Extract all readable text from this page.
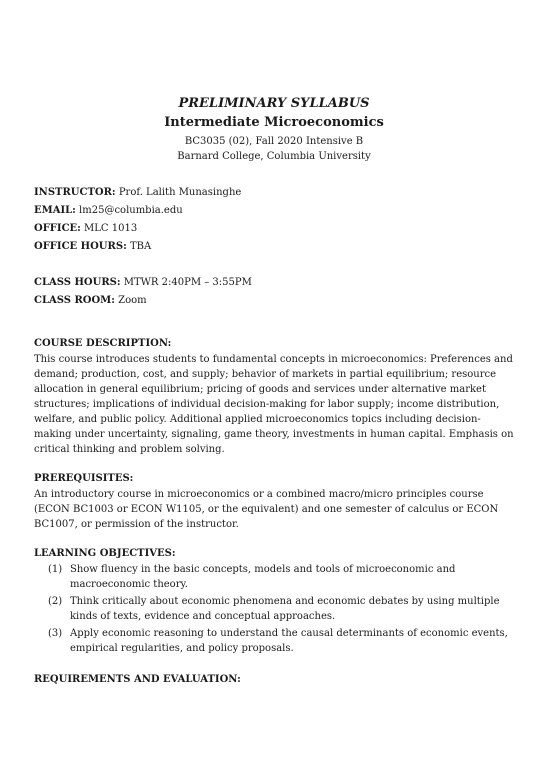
PRELIMINARY SYLLABUS

Intermediate Microeconomics

BC3035 (02), Fall 2020 Intensive B

Barnard College, Columbia University

INSTRUCTOR: Prof. Lalith Munasinghe

EMAIL: lm25@columbia.edu

OFFICE: MLC 1013

OFFICE HOURS: TBA

CLASS HOURS: MTWR 2:40PM – 3:55PM

CLASS ROOM: Zoom

COURSE DESCRIPTION:

This course introduces students to fundamental concepts in microeconomics: Preferences and demand; production, cost, and supply; behavior of markets in partial equilibrium; resource allocation in general equilibrium; pricing of goods and services under alternative market structures; implications of individual decision-making for labor supply; income distribution, welfare, and public policy. Additional applied microeconomics topics including decision-making under uncertainty, signaling, game theory, investments in human capital. Emphasis on critical thinking and problem solving.

PREREQUISITES:

An introductory course in microeconomics or a combined macro/micro principles course (ECON BC1003 or ECON W1105, or the equivalent) and one semester of calculus or ECON BC1007, or permission of the instructor.

LEARNING OBJECTIVES:

(1) Show fluency in the basic concepts, models and tools of microeconomic and macroeconomic theory.
(2) Think critically about economic phenomena and economic debates by using multiple kinds of texts, evidence and conceptual approaches.
(3) Apply economic reasoning to understand the causal determinants of economic events, empirical regularities, and policy proposals.

REQUIREMENTS AND EVALUATION:
